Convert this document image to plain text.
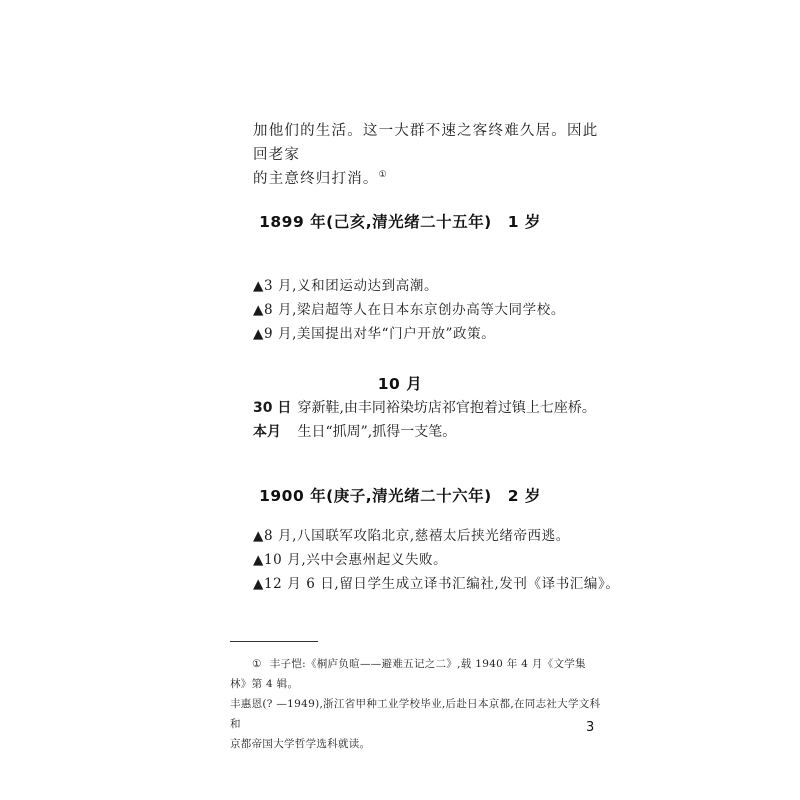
加他们的生活。这一大群不速之客终难久居。因此回老家
的主意终归打消。①
1899 年(己亥,清光绪二十五年)　1 岁
▲3 月,义和团运动达到高潮。
▲8 月,梁启超等人在日本东京创办高等大同学校。
▲9 月,美国提出对华“门户开放”政策。
10 月
30 日 穿新鞋,由丰同裕染坊店祁官抱着过镇上七座桥。
本月 生日“抓周”,抓得一支笔。
1900 年(庚子,清光绪二十六年)　2 岁
▲8 月,八国联军攻陷北京,慈禧太后挟光绪帝西逃。
▲10 月,兴中会惠州起义失败。
▲12 月 6 日,留日学生成立译书汇编社,发刊《译书汇编》。
① 丰子恺:《桐庐负暄——避难五记之二》,载 1940 年 4 月《文学集林》第 4 辑。
丰惠恩(? —1949),浙江省甲种工业学校毕业,后赴日本京都,在同志社大学文科和
京都帝国大学哲学选科就读。
3
